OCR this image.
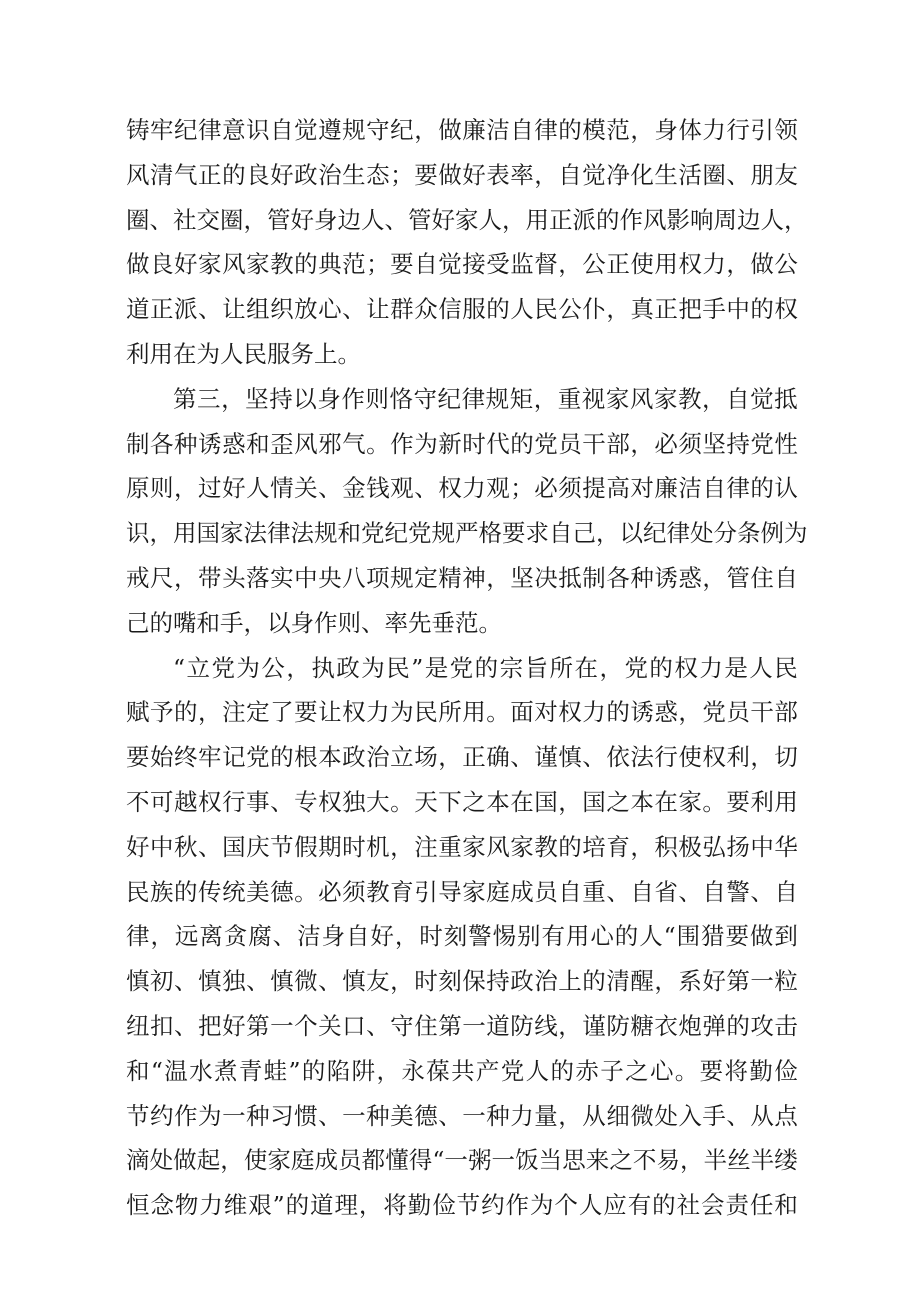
铸 牢 纪 律 意 识 自 觉 遵 规 守 纪 ， 做 廉 洁 自 律 的 模 范 ， 身 体 力 行 引 领
风 清 气 正 的 良 好 政 治 生 态 ； 要 做 好 表 率 ， 自 觉 净 化 生 活 圈 、 朋 友
圈 、 社 交 圈 ， 管 好 身 边 人 、 管 好 家 人 ， 用 正 派 的 作 风 影 响 周 边 人 ，
做 良 好 家 风 家 教 的 典 范 ； 要 自 觉 接 受 监 督 ， 公 正 使 用 权 力 ， 做 公
道 正 派 、 让 组 织 放 心 、 让 群 众 信 服 的 人 民 公 仆 ， 真 正 把 手 中 的 权
利用在为人民服务上。
第 三 ， 坚 持 以 身 作 则 恪 守 纪 律 规 矩 ， 重 视 家 风 家 教 ， 自 觉 抵
制 各 种 诱 惑 和 歪 风 邪 气 。 作 为 新 时 代 的 党 员 干 部 ， 必 须 坚 持 党 性
原 则 ， 过 好 人 情 关 、 金 钱 观 、 权 力 观 ； 必 须 提 高 对 廉 洁 自 律 的 认
识 ， 用 国 家 法 律 法 规 和 党 纪 党 规 严 格 要 求 自 己 ， 以 纪 律 处 分 条 例 为
戒 尺 ， 带 头 落 实 中 央 八 项 规 定 精 神 ， 坚 决 抵 制 各 种 诱 惑 ， 管 住 自
己的嘴和手，以身作则、率先垂范。
“ 立 党 为 公 ， 执 政 为 民 ” 是 党 的 宗 旨 所 在 ， 党 的 权 力 是 人 民
赋 予 的 ， 注 定 了 要 让 权 力 为 民 所 用 。 面 对 权 力 的 诱 惑 ， 党 员 干 部
要 始 终 牢 记 党 的 根 本 政 治 立 场 ， 正 确 、 谨 慎 、 依 法 行 使 权 利 ， 切
不 可 越 权 行 事 、 专 权 独 大 。 天 下 之 本 在 国 ， 国 之 本 在 家 。 要 利 用
好 中 秋 、 国 庆 节 假 期 时 机 ， 注 重 家 风 家 教 的 培 育 ， 积 极 弘 扬 中 华
民 族 的 传 统 美 德 。 必 须 教 育 引 导 家 庭 成 员 自 重 、 自 省 、 自 警 、 自
律 ， 远 离 贪 腐 、 洁 身 自 好 ， 时 刻 警 惕 别 有 用 心 的 人 “ 围 猎 要 做 到
慎 初 、 慎 独 、 慎 微 、 慎 友 ， 时 刻 保 持 政 治 上 的 清 醒 ， 系 好 第 一 粒
纽 扣 、 把 好 第 一 个 关 口 、 守 住 第 一 道 防 线 ， 谨 防 糖 衣 炮 弹 的 攻 击
和 “ 温 水 煮 青 蛙 ” 的 陷 阱 ， 永 葆 共 产 党 人 的 赤 子 之 心 。 要 将 勤 俭
节 约 作 为 一 种 习 惯 、 一 种 美 德 、 一 种 力 量 ， 从 细 微 处 入 手 、 从 点
滴 处 做 起 ， 使 家 庭 成 员 都 懂 得 “ 一 粥 一 饭 当 思 来 之 不 易 ， 半 丝 半 缕
恒 念 物 力 维 艰 ” 的 道 理 ， 将 勤 俭 节 约 作 为 个 人 应 有 的 社 会 责 任 和
